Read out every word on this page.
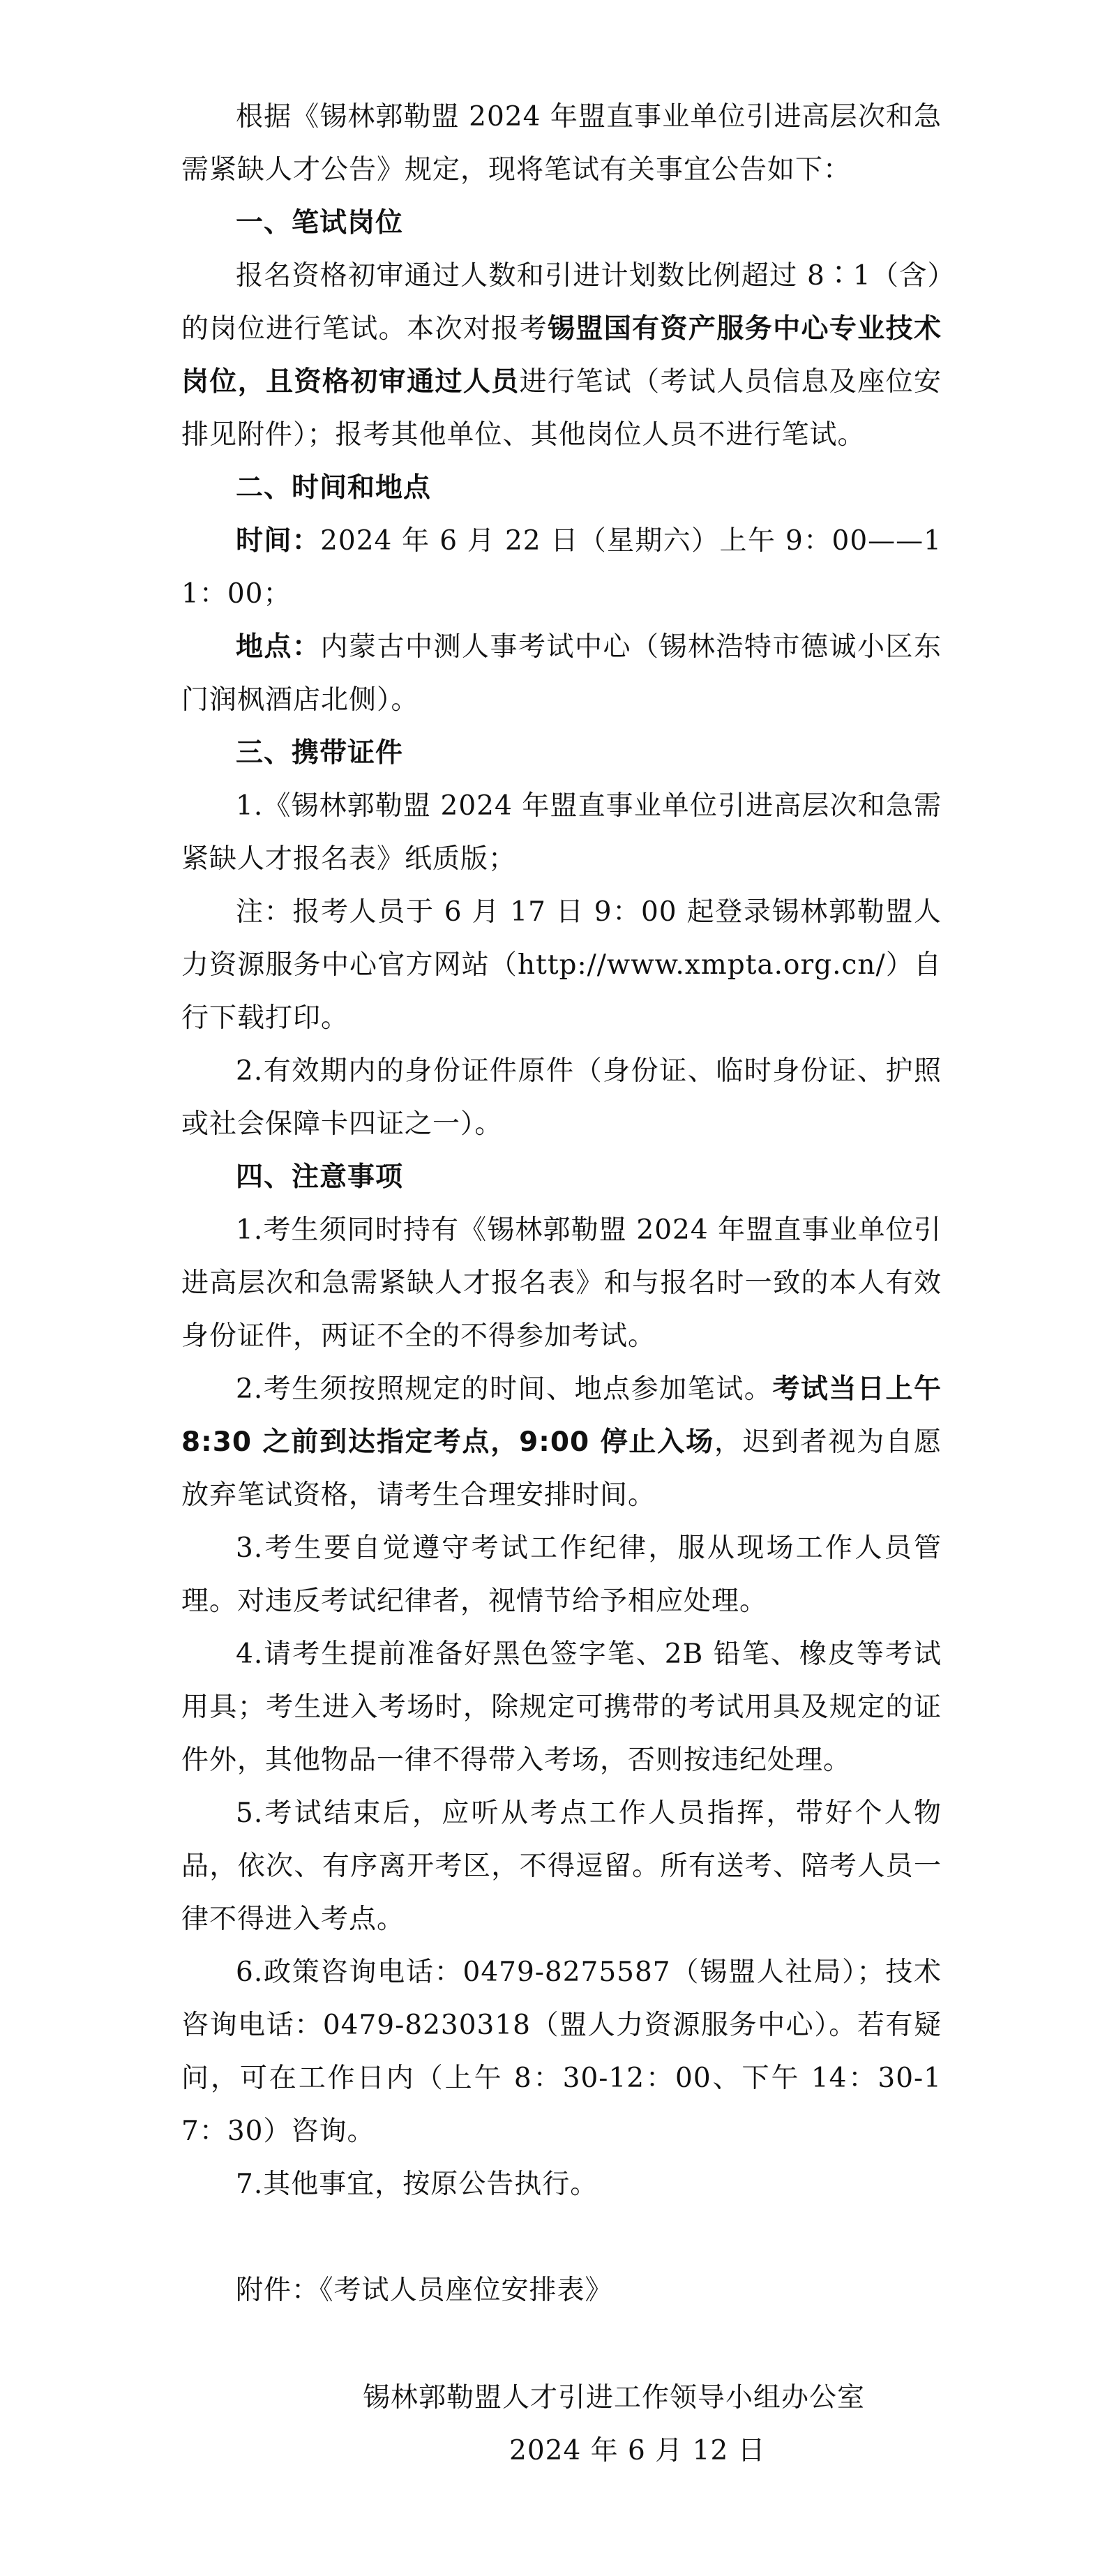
根据《锡林郭勒盟 2024 年盟直事业单位引进高层次和急需紧缺人才公告》规定，现将笔试有关事宜公告如下：

一、笔试岗位

报名资格初审通过人数和引进计划数比例超过 8∶1（含）的岗位进行笔试。本次对报考锡盟国有资产服务中心专业技术岗位，且资格初审通过人员进行笔试（考试人员信息及座位安排见附件）；报考其他单位、其他岗位人员不进行笔试。

二、时间和地点

时间：2024 年 6 月 22 日（星期六）上午 9：00——11：00；

地点：内蒙古中测人事考试中心（锡林浩特市德诚小区东门润枫酒店北侧）。

三、携带证件

1.《锡林郭勒盟 2024 年盟直事业单位引进高层次和急需紧缺人才报名表》纸质版；

注：报考人员于 6 月 17 日 9：00 起登录锡林郭勒盟人力资源服务中心官方网站（http://www.xmpta.org.cn/）自行下载打印。

2.有效期内的身份证件原件（身份证、临时身份证、护照或社会保障卡四证之一）。

四、注意事项

1.考生须同时持有《锡林郭勒盟 2024 年盟直事业单位引进高层次和急需紧缺人才报名表》和与报名时一致的本人有效身份证件，两证不全的不得参加考试。

2.考生须按照规定的时间、地点参加笔试。考试当日上午 8:30 之前到达指定考点，9:00 停止入场，迟到者视为自愿放弃笔试资格，请考生合理安排时间。

3.考生要自觉遵守考试工作纪律，服从现场工作人员管理。对违反考试纪律者，视情节给予相应处理。

4.请考生提前准备好黑色签字笔、2B 铅笔、橡皮等考试用具；考生进入考场时，除规定可携带的考试用具及规定的证件外，其他物品一律不得带入考场，否则按违纪处理。

5.考试结束后，应听从考点工作人员指挥，带好个人物品，依次、有序离开考区，不得逗留。所有送考、陪考人员一律不得进入考点。

6.政策咨询电话：0479-8275587（锡盟人社局）；技术咨询电话：0479-8230318（盟人力资源服务中心）。若有疑问，可在工作日内（上午 8：30-12：00、下午 14：30-17：30）咨询。

7.其他事宜，按原公告执行。

附件：《考试人员座位安排表》

锡林郭勒盟人才引进工作领导小组办公室
2024 年 6 月 12 日
